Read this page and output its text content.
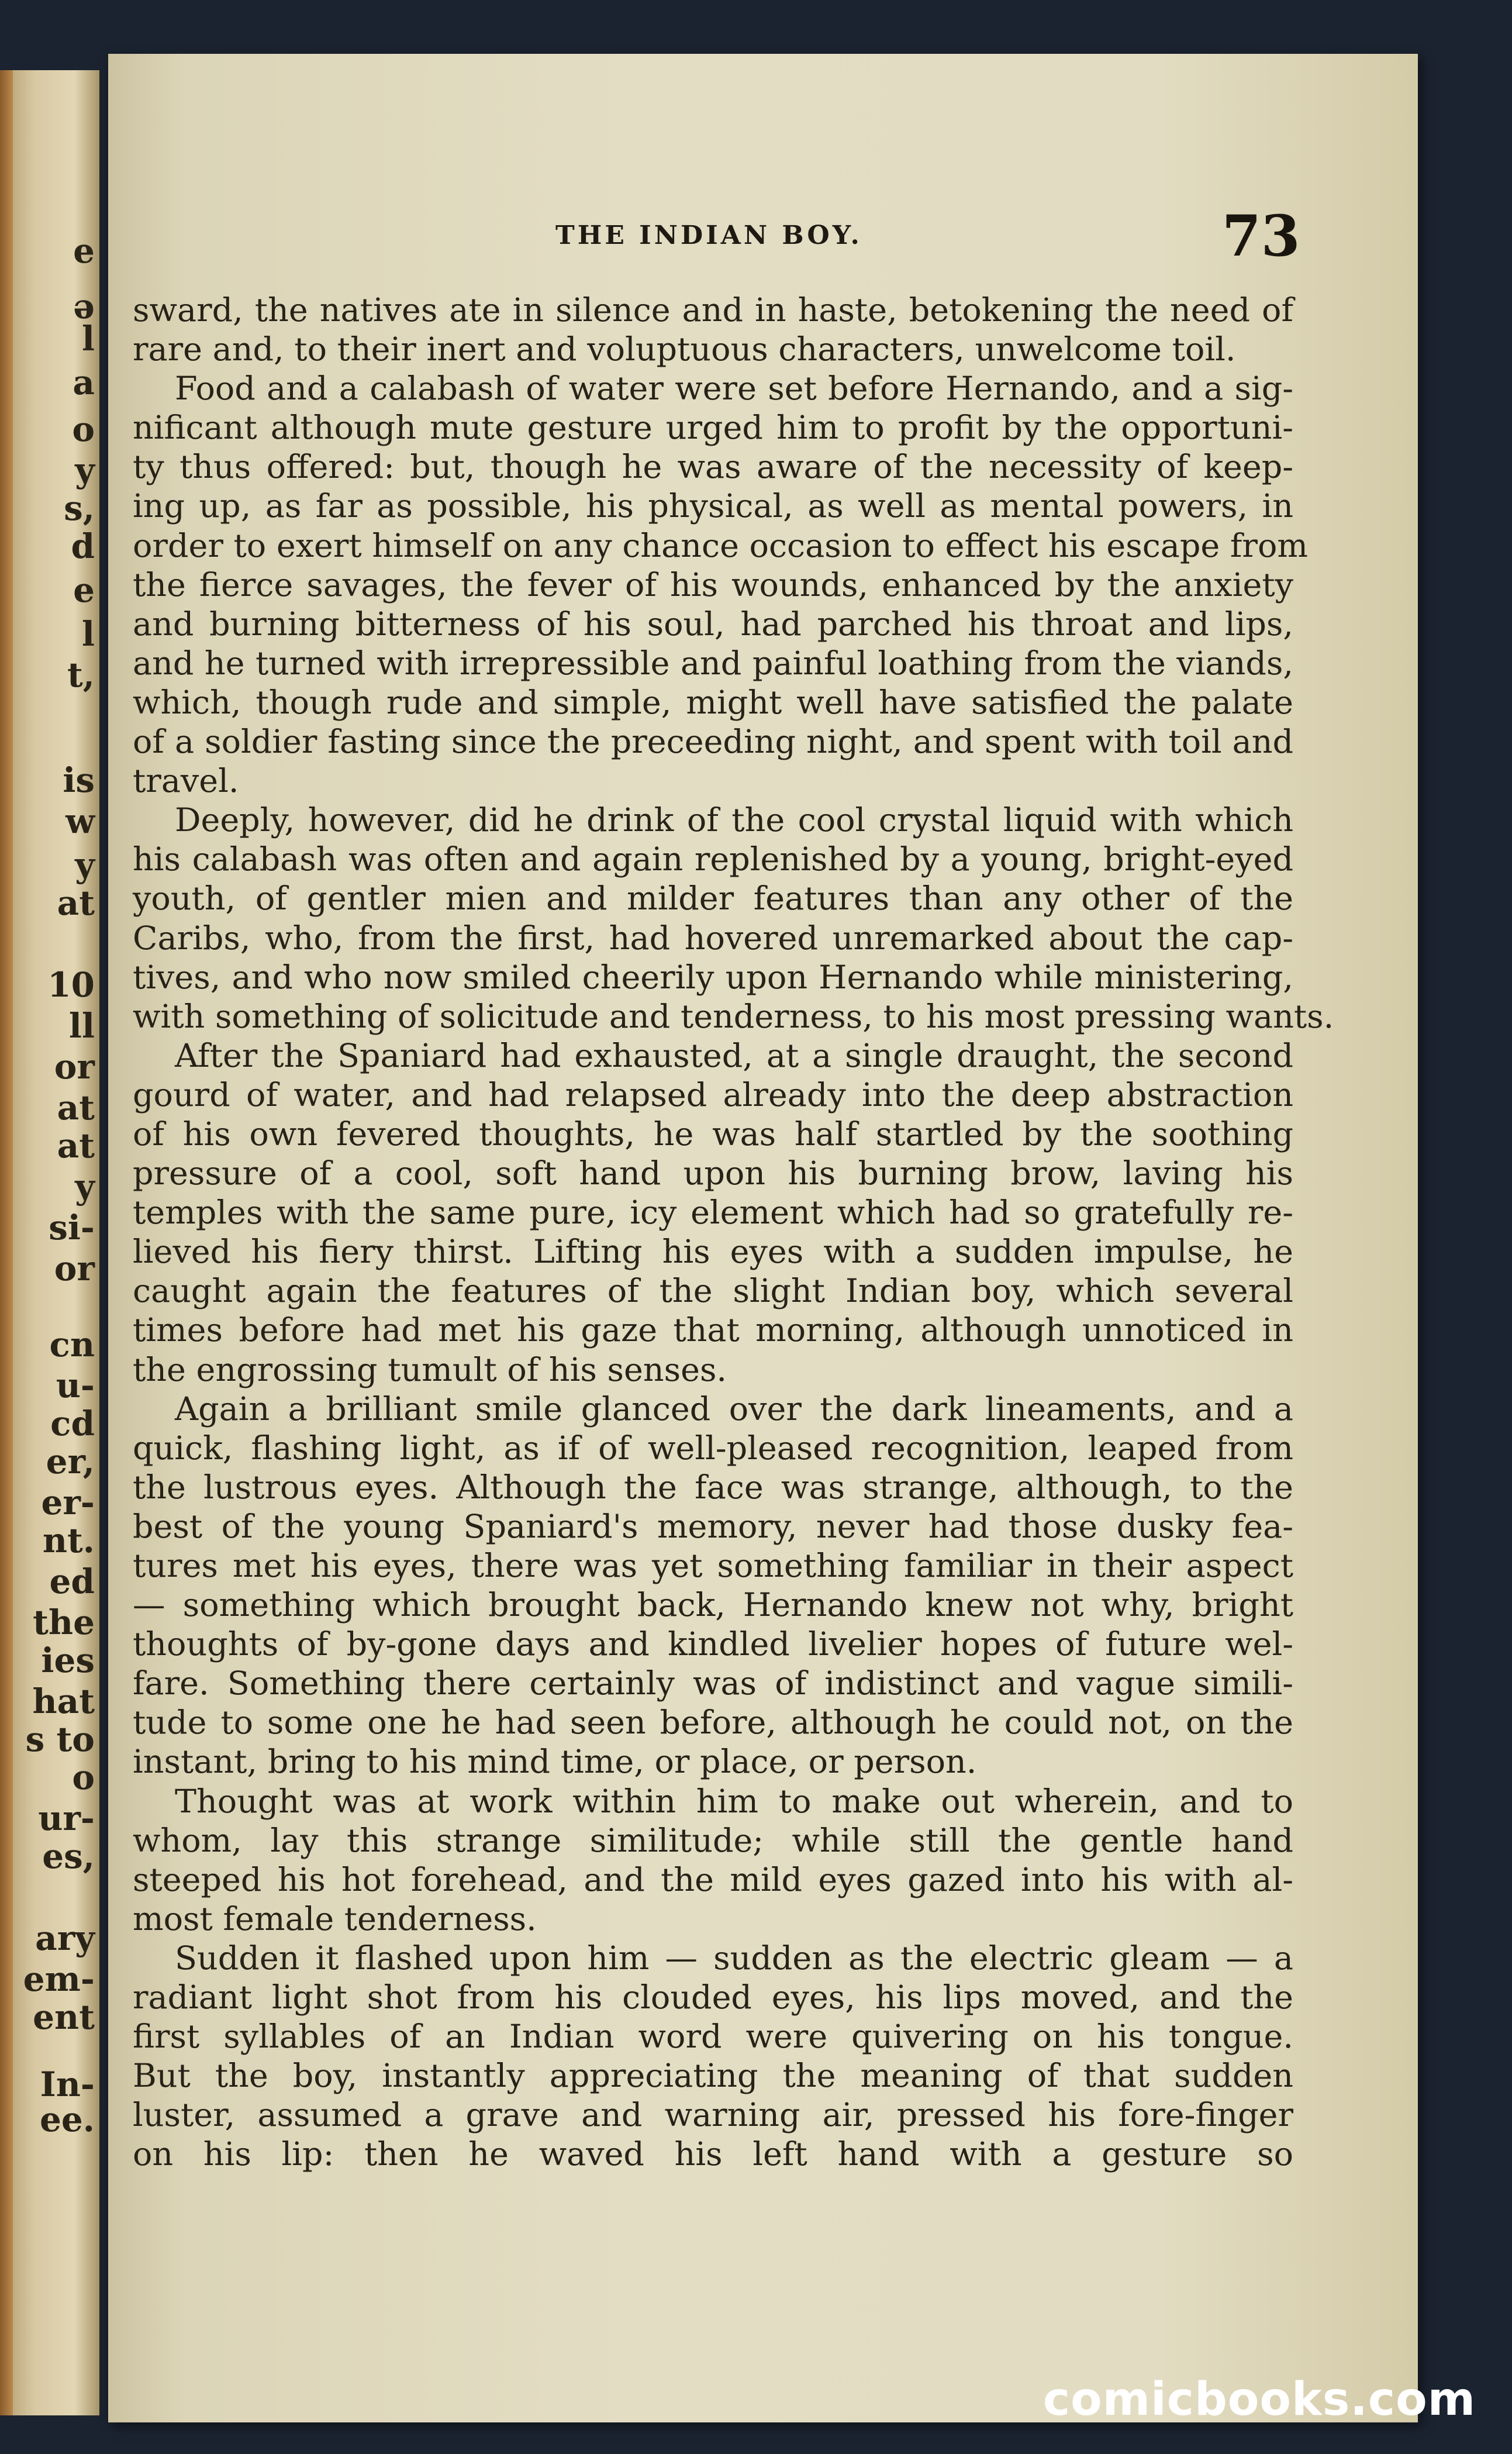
e
ə
l
a
o
y
s,
d
e
l
t,
is
w
y
at
10
ll
or
at
at
y
si-
or
cn
u-
cd
er,
er-
nt.
ed
the
ies
hat
s to
o
ur-
es,
ary
em-
ent
In-
ee.
THE INDIAN BOY.	73
sward, the natives ate in silence and in haste, betokening the need of
rare and, to their inert and voluptuous characters, unwelcome toil.
Food and a calabash of water were set before Hernando, and a sig-
nificant although mute gesture urged him to profit by the opportuni-
ty thus offered: but, though he was aware of the necessity of keep-
ing up, as far as possible, his physical, as well as mental powers, in
order to exert himself on any chance occasion to effect his escape from
the fierce savages, the fever of his wounds, enhanced by the anxiety
and burning bitterness of his soul, had parched his throat and lips,
and he turned with irrepressible and painful loathing from the viands,
which, though rude and simple, might well have satisfied the palate
of a soldier fasting since the preceeding night, and spent with toil and
travel.
Deeply, however, did he drink of the cool crystal liquid with which
his calabash was often and again replenished by a young, bright-eyed
youth, of gentler mien and milder features than any other of the
Caribs, who, from the first, had hovered unremarked about the cap-
tives, and who now smiled cheerily upon Hernando while ministering,
with something of solicitude and tenderness, to his most pressing wants.
After the Spaniard had exhausted, at a single draught, the second
gourd of water, and had relapsed already into the deep abstraction
of his own fevered thoughts, he was half startled by the soothing
pressure of a cool, soft hand upon his burning brow, laving his
temples with the same pure, icy element which had so gratefully re-
lieved his fiery thirst. Lifting his eyes with a sudden impulse, he
caught again the features of the slight Indian boy, which several
times before had met his gaze that morning, although unnoticed in
the engrossing tumult of his senses.
Again a brilliant smile glanced over the dark lineaments, and a
quick, flashing light, as if of well-pleased recognition, leaped from
the lustrous eyes. Although the face was strange, although, to the
best of the young Spaniard's memory, never had those dusky fea-
tures met his eyes, there was yet something familiar in their aspect
— something which brought back, Hernando knew not why, bright
thoughts of by-gone days and kindled livelier hopes of future wel-
fare. Something there certainly was of indistinct and vague simili-
tude to some one he had seen before, although he could not, on the
instant, bring to his mind time, or place, or person.
Thought was at work within him to make out wherein, and to
whom, lay this strange similitude; while still the gentle hand
steeped his hot forehead, and the mild eyes gazed into his with al-
most female tenderness.
Sudden it flashed upon him — sudden as the electric gleam — a
radiant light shot from his clouded eyes, his lips moved, and the
first syllables of an Indian word were quivering on his tongue.
But the boy, instantly appreciating the meaning of that sudden
luster, assumed a grave and warning air, pressed his fore-finger
on his lip: then he waved his left hand with a gesture so
comicbooks.com
